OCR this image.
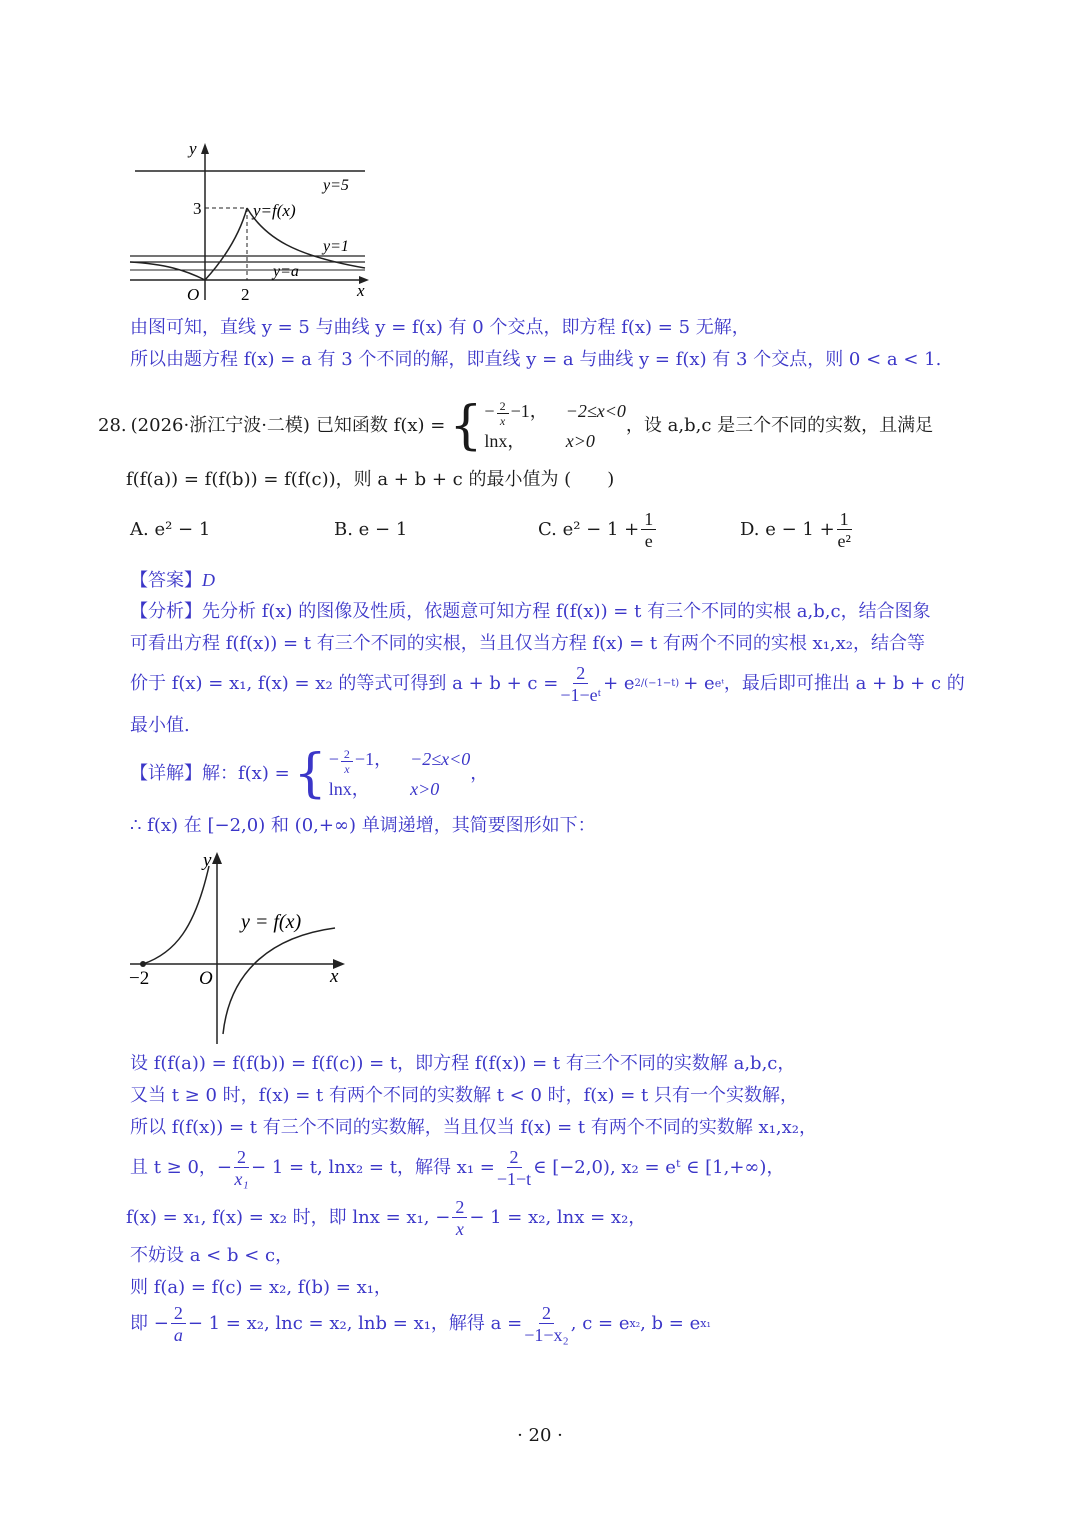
y
x
O 2
3
y=5
y=f(x)
y=1
y=a
由图可知，直线 y = 5 与曲线 y = f(x) 有 0 个交点，即方程 f(x) = 5 无解，
所以由题方程 f(x) = a 有 3 个不同的解，即直线 y = a 与曲线 y = f(x) 有 3 个交点，则 0 < a < 1.
28. (2026·浙江宁波·二模) 已知函数 f(x) = { − $\frac{2}{x} -1$， −2≤x<0
lnx，	x>0
，设 a,b,c 是三个不同的实数，且满足
f(f(a)) = f(f(b)) = f(f(c))，则 a + b + c 的最小值为 (　　)
A. e² − 1	B. e − 1	C. $e^2 - 1 + \frac{1}{e}$	D. $e - 1 + \frac{1}{\text{e²}}$
【答案】D
【分析】先分析 f(x) 的图像及性质，依题意可知方程 f(f(x)) = t 有三个不同的实根 a,b,c，结合图象
可看出方程 f(f(x)) = t 有三个不同的实根，当且仅当方程 f(x) = t 有两个不同的实根 x₁,x₂，结合等
价于 f(x) = x₁, f(x) = x₂ 的等式可得到 $a + b + c = \frac{2}{\text{−1−eᵗ}} + e$ 2/(−1−t) + e eᵗ ，最后即可推出 a + b + c 的
最小值.
【详解】 解：f(x) = { − $\frac{2}{x} -1$， −2≤x<0
lnx，	x>0
，
∴ f(x) 在 [−2,0) 和 (0,+∞) 单调递增，其简要图形如下：
y
x
O
−2
y = f(x)
设 f(f(a)) = f(f(b)) = f(f(c)) = t，即方程 f(f(x)) = t 有三个不同的实数解 a,b,c，
又当 t ≥ 0 时，f(x) = t 有两个不同的实数解 t < 0 时，f(x) = t 只有一个实数解，
所以 f(f(x)) = t 有三个不同的实数解，当且仅当 f(x) = t 有两个不同的实数解 x₁,x₂，
且 t ≥ 0，− $\frac{2}{\text{x₁}} - 1 = t$, lnx₂ = t，解得 $x_1 = \frac{2}{-1-t}$ ∈ [−2,0), x₂ = eᵗ ∈ [1,+∞)，
f(x) = x₁, f(x) = x₂ 时，即 lnx = x₁, − $\frac{2}{x} - 1 = x_2$, lnx = x₂，
不妨设 a < b < c，
则 f(a) = f(c) = x₂, f(b) = x₁，
即 − $\frac{2}{a} - 1 = x_2$, lnc = x₂, lnb = x₁，解得 $a = \frac{2}{\text{−1−x₂}}$ , c = e x₂ , b = e x₁
· 20 ·
